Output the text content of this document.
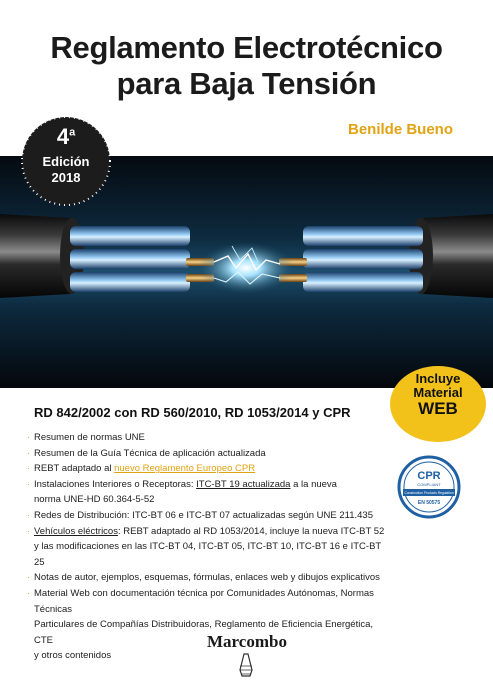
Reglamento Electrotécnico
para Baja Tensión
Benilde Bueno
4$^a$
Edición
2018
Incluye
Material
WEB
RD 842/2002 con RD 560/2010, RD 1053/2014 y CPR
· Resumen de normas UNE
· Resumen de la Guía Técnica de aplicación actualizada
· REBT adaptado al nuevo Reglamento Europeo CPR
· Instalaciones Interiores o Receptoras: ITC-BT 19 actualizada a la nueva
norma UNE-HD 60.364-5-52
· Redes de Distribución: ITC-BT 06 e ITC-BT 07 actualizadas según UNE 211.435
· Vehículos eléctricos: REBT adaptado al RD 1053/2014, incluye la nueva ITC-BT 52
y las modificaciones en las ITC-BT 04, ITC-BT 05, ITC-BT 10, ITC-BT 16 e ITC-BT 25
· Notas de autor, ejemplos, esquemas, fórmulas, enlaces web y dibujos explicativos
· Material Web con documentación técnica por Comunidades Autónomas, Normas Técnicas
Particulares de Compañías Distribuidoras, Reglamento de Eficiencia Energética, CTE
y otros contenidos
CPR
COMPLIANT
Construction Products Regulation
EN 50575
Marcombo
